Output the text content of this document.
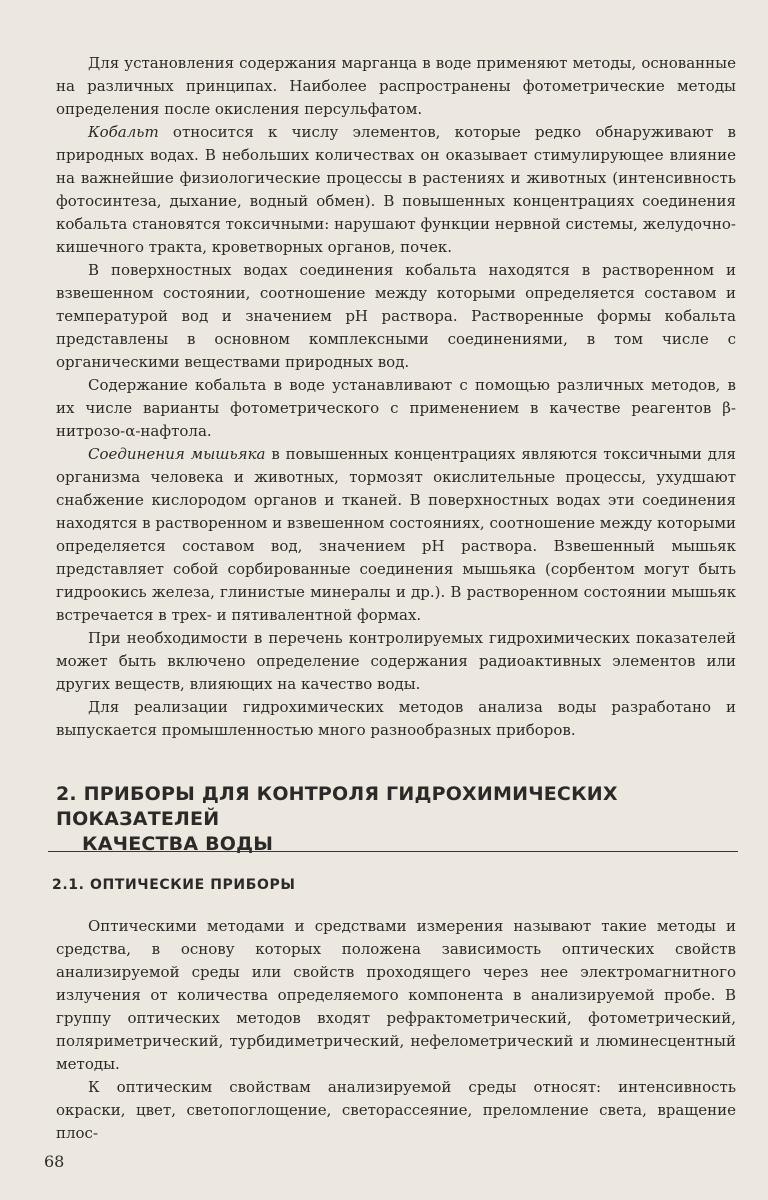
Для установления содержания марганца в воде применяют методы, основанные на различных принципах. Наиболее распространены фотометрические методы определения после окисления персульфатом.

Кобальт относится к числу элементов, которые редко обнаруживают в природных водах. В небольших количествах он оказывает стимулирующее влияние на важнейшие физиологические процессы в растениях и животных (интенсивность фотосинтеза, дыхание, водный обмен). В повышенных концентрациях соединения кобальта становятся токсичными: нарушают функции нервной системы, желудочно-кишечного тракта, кроветворных органов, почек.

В поверхностных водах соединения кобальта находятся в растворенном и взвешенном состоянии, соотношение между которыми определяется составом и температурой вод и значением pH раствора. Растворенные формы кобальта представлены в основном комплексными соединениями, в том числе с органическими веществами природных вод.

Содержание кобальта в воде устанавливают с помощью различных методов, в их числе варианты фотометрического с применением в качестве реагентов β-нитрозо-α-нафтола.

Соединения мышьяка в повышенных концентрациях являются токсичными для организма человека и животных, тормозят окислительные процессы, ухудшают снабжение кислородом органов и тканей. В поверхностных водах эти соединения находятся в растворенном и взвешенном состояниях, соотношение между которыми определяется составом вод, значением pH раствора. Взвешенный мышьяк представляет собой сорбированные соединения мышьяка (сорбентом могут быть гидроокись железа, глинистые минералы и др.). В растворенном состоянии мышьяк встречается в трех- и пятивалентной формах.

При необходимости в перечень контролируемых гидрохимических показателей может быть включено определение содержания радиоактивных элементов или других веществ, влияющих на качество воды.

Для реализации гидрохимических методов анализа воды разработано и выпускается промышленностью много разнообразных приборов.

2. ПРИБОРЫ ДЛЯ КОНТРОЛЯ ГИДРОХИМИЧЕСКИХ ПОКАЗАТЕЛЕЙ
КАЧЕСТВА ВОДЫ
2.1. ОПТИЧЕСКИЕ ПРИБОРЫ

Оптическими методами и средствами измерения называют такие методы и средства, в основу которых положена зависимость оптических свойств анализируемой среды или свойств проходящего через нее электромагнитного излучения от количества определяемого компонента в анализируемой пробе. В группу оптических методов входят рефрактометрический, фотометрический, поляриметрический, турбидиметрический, нефелометрический и люминесцентный методы.

К оптическим свойствам анализируемой среды относят: интенсивность окраски, цвет, светопоглощение, светорассеяние, преломление света, вращение плос-

68
